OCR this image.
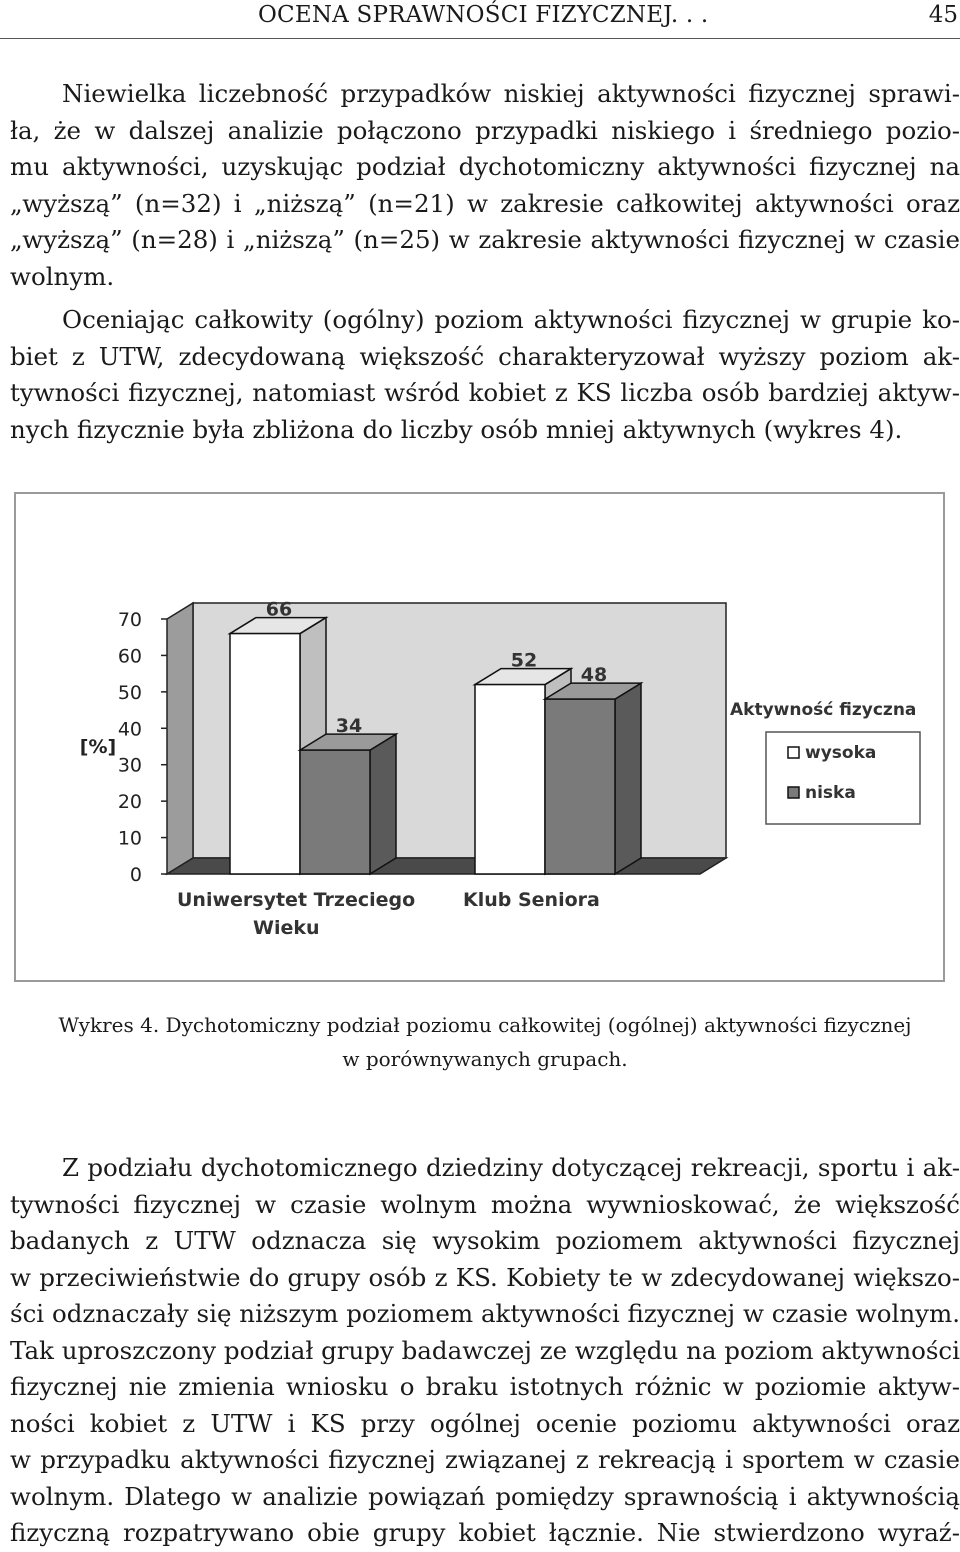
OCENA SPRAWNOŚCI FIZYCZNEJ. . .	45
Niewielka liczebność przypadków niskiej aktywności fizycznej sprawi-
ła, że w dalszej analizie połączono przypadki niskiego i średniego pozio-
mu aktywności, uzyskując podział dychotomiczny aktywności fizycznej na
„wyższą” (n=32) i „niższą” (n=21) w zakresie całkowitej aktywności oraz
„wyższą” (n=28) i „niższą” (n=25) w zakresie aktywności fizycznej w czasie
wolnym.
Oceniając całkowity (ogólny) poziom aktywności fizycznej w grupie ko-
biet z UTW, zdecydowaną większość charakteryzował wyższy poziom ak-
tywności fizycznej, natomiast wśród kobiet z KS liczba osób bardziej aktyw-
nych fizycznie była zbliżona do liczby osób mniej aktywnych (wykres 4).
0
10
20
30
40
50
60
70
[%]
66
34
52
48
Uniwersytet Trzeciego
Wieku
Klub Seniora
Aktywność fizyczna
wysoka
niska
Wykres 4. Dychotomiczny podział poziomu całkowitej (ogólnej) aktywności fizycznej
w porównywanych grupach.
Z podziału dychotomicznego dziedziny dotyczącej rekreacji, sportu i ak-
tywności fizycznej w czasie wolnym można wywnioskować, że większość
badanych z UTW odznacza się wysokim poziomem aktywności fizycznej
w przeciwieństwie do grupy osób z KS. Kobiety te w zdecydowanej większo-
ści odznaczały się niższym poziomem aktywności fizycznej w czasie wolnym.
Tak uproszczony podział grupy badawczej ze względu na poziom aktywności
fizycznej nie zmienia wniosku o braku istotnych różnic w poziomie aktyw-
ności kobiet z UTW i KS przy ogólnej ocenie poziomu aktywności oraz
w przypadku aktywności fizycznej związanej z rekreacją i sportem w czasie
wolnym. Dlatego w analizie powiązań pomiędzy sprawnością i aktywnością
fizyczną rozpatrywano obie grupy kobiet łącznie. Nie stwierdzono wyraź-
